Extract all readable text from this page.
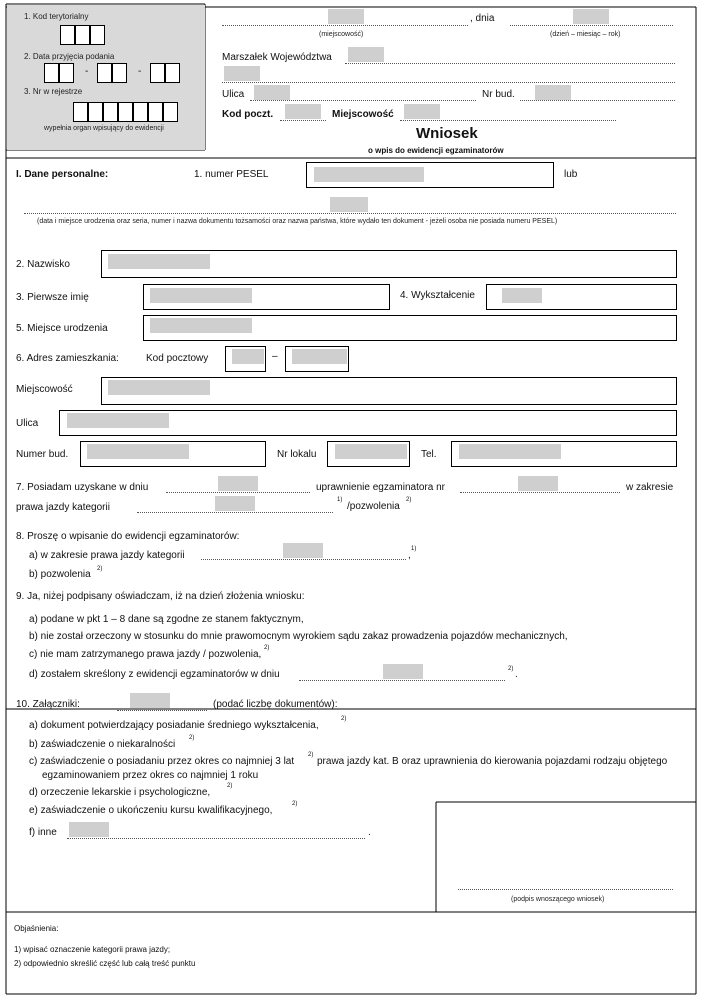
1. Kod terytorialny
2. Data przyjęcia podania
-	-
3. Nr w rejestrze
wypełnia organ wpisujący do ewidencji
, dnia
(miejscowość)	(dzień – miesiąc – rok)
Marszałek Województwa
Ulica	Nr bud.
Kod poczt.	Miejscowość
Wniosek
o wpis do ewidencji egzaminatorów
I. Dane personalne:	1. numer PESEL	lub
(data i miejsce urodzenia oraz seria, numer i nazwa dokumentu tożsamości oraz nazwa państwa, które wydało ten dokument - jeżeli osoba nie posiada numeru PESEL)
2. Nazwisko
3. Pierwsze imię	4. Wykształcenie
5. Miejsce urodzenia
6. Adres zamieszkania:	Kod pocztowy	–
Miejscowość
Ulica
Numer bud.	Nr lokalu	Tel.
7. Posiadam uzyskane w dniu	uprawnienie egzaminatora nr	w zakresie
prawa jazdy kategorii
1)
/pozwolenia
2)
8. Proszę o wpisanie do ewidencji egzaminatorów:
a) w zakresie prawa jazdy kategorii	,
1)
b) pozwolenia 2)
9. Ja, niżej podpisany oświadczam, iż na dzień złożenia wniosku:
a) podane w pkt 1 – 8 dane są zgodne ze stanem faktycznym,
b) nie został orzeczony w stosunku do mnie prawomocnym wyrokiem sądu zakaz prowadzenia pojazdów mechanicznych,
c) nie mam zatrzymanego prawa jazdy / pozwolenia,
2)
d) zostałem skreślony z ewidencji egzaminatorów w dniu	2) .
10. Załączniki:	(podać liczbę dokumentów):
a) dokument potwierdzający posiadanie średniego wykształcenia,
2)
b) zaświadczenie o niekaralności
2)
c) zaświadczenie o posiadaniu przez okres co najmniej 3 lat
2)
prawa jazdy kat. B oraz uprawnienia do kierowania pojazdami rodzaju objętego
egzaminowaniem przez okres co najmniej 1 roku
d) orzeczenie lekarskie i psychologiczne,
2)
e) zaświadczenie o ukończeniu kursu kwalifikacyjnego,
2)
f) inne	.
(podpis wnoszącego wniosek)
Objaśnienia:
1) wpisać oznaczenie kategorii prawa jazdy;
2) odpowiednio skreślić część lub całą treść punktu
